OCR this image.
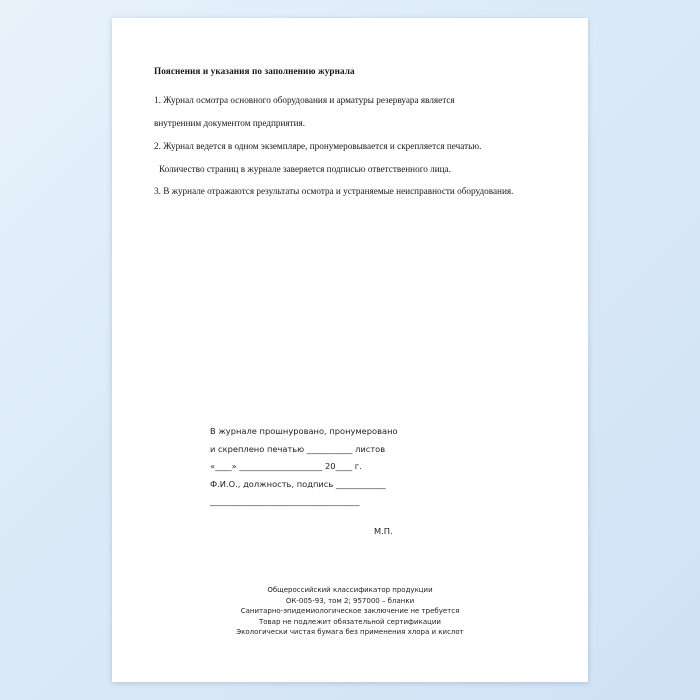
Пояснения и указания по заполнению журнала
1. Журнал осмотра основного оборудования и арматуры резервуара является
внутренним документом предприятия.
2. Журнал ведется в одном экземпляре, пронумеровывается и скрепляется печатью.
Количество страниц в журнале заверяется подписью ответственного лица.
3. В журнале отражаются результаты осмотра и устраняемые неисправности оборудования.
В журнале прошнуровано, пронумеровано
и скреплено печатью ___________ листов
«____» ____________________ 20____ г.
Ф.И.О., должность, подпись ____________
____________________________________
М.П.
Общероссийский классификатор продукции
ОК-005-93, том 2; 957000 – бланки
Санитарно-эпидемиологическое заключение не требуется
Товар не подлежит обязательной сертификации
Экологически чистая бумага без применения хлора и кислот
